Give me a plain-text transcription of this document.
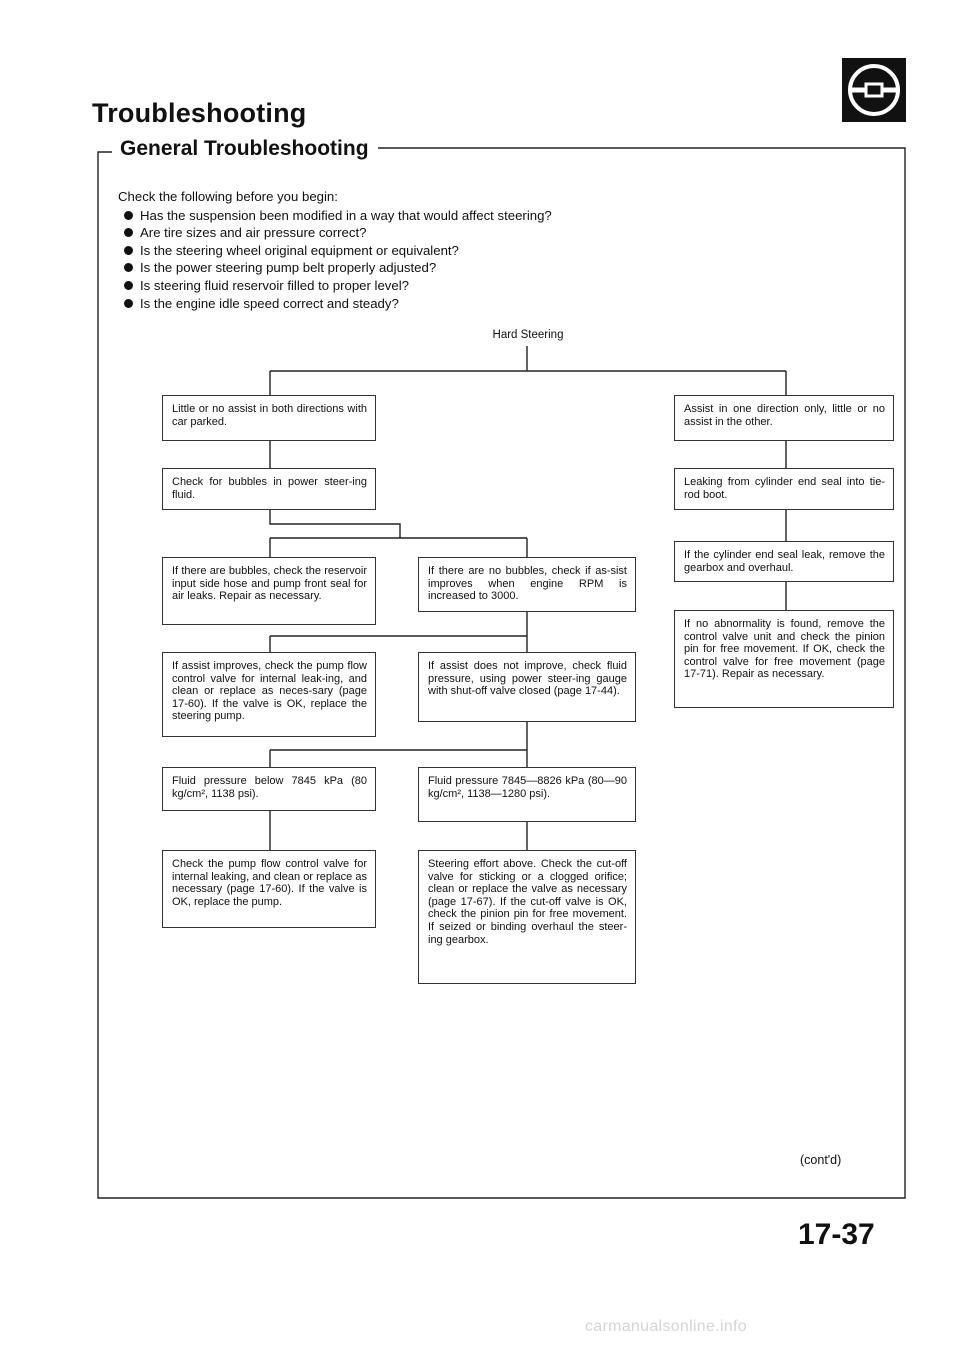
Troubleshooting
General Troubleshooting
Check the following before you begin:
Has the suspension been modified in a way that would affect steering?
Are tire sizes and air pressure correct?
Is the steering wheel original equipment or equivalent?
Is the power steering pump belt properly adjusted?
Is steering fluid reservoir filled to proper level?
Is the engine idle speed correct and steady?
Hard Steering
Little or no assist in both directions with car parked.
Check for bubbles in power steer-ing fluid.
If there are bubbles, check the reservoir input side hose and pump front seal for air leaks. Repair as necessary.
If there are no bubbles, check if as-sist improves when engine RPM is increased to 3000.
If assist improves, check the pump flow control valve for internal leak-ing, and clean or replace as neces-sary (page 17-60). If the valve is OK, replace the steering pump.
If assist does not improve, check fluid pressure, using power steer-ing gauge with shut-off valve closed (page 17-44).
Fluid pressure below 7845 kPa (80 kg/cm², 1138 psi).
Fluid pressure 7845—8826 kPa (80—90 kg/cm², 1138—1280 psi).
Check the pump flow control valve for internal leaking, and clean or replace as necessary (page 17-60). If the valve is OK, replace the pump.
Steering effort above. Check the cut-off valve for sticking or a clogged orifice; clean or replace the valve as necessary (page 17-67). If the cut-off valve is OK, check the pinion pin for free movement. If seized or binding overhaul the steer-ing gearbox.
Assist in one direction only, little or no assist in the other.
Leaking from cylinder end seal into tie-rod boot.
If the cylinder end seal leak, remove the gearbox and overhaul.
If no abnormality is found, remove the control valve unit and check the pinion pin for free movement. If OK, check the control valve for free movement (page 17-71). Repair as necessary.
(cont'd)
17-37
carmanualsonline.info
